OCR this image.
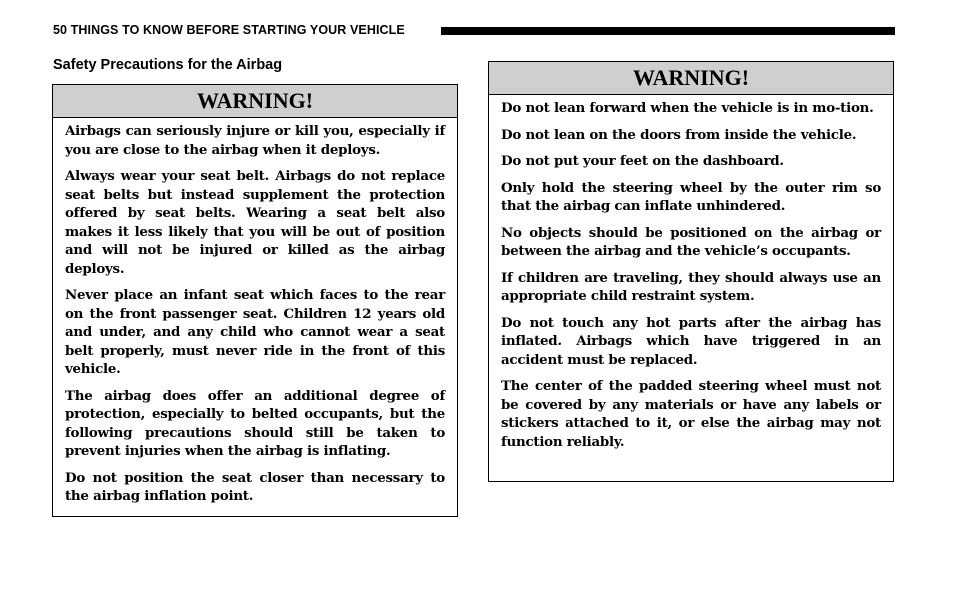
50 THINGS TO KNOW BEFORE STARTING YOUR VEHICLE
Safety Precautions for the Airbag
WARNING!

Airbags can seriously injure or kill you, especially if you are close to the airbag when it deploys.

Always wear your seat belt. Airbags do not replace seat belts but instead supplement the protection offered by seat belts. Wearing a seat belt also makes it less likely that you will be out of position and will not be injured or killed as the airbag deploys.

Never place an infant seat which faces to the rear on the front passenger seat. Children 12 years old and under, and any child who cannot wear a seat belt properly, must never ride in the front of this vehicle.

The airbag does offer an additional degree of protection, especially to belted occupants, but the following precautions should still be taken to prevent injuries when the airbag is inflating.

Do not position the seat closer than necessary to the airbag inflation point.

WARNING!

Do not lean forward when the vehicle is in mo-tion.

Do not lean on the doors from inside the vehicle.

Do not put your feet on the dashboard.

Only hold the steering wheel by the outer rim so that the airbag can inflate unhindered.

No objects should be positioned on the airbag or between the airbag and the vehicle’s occupants.

If children are traveling, they should always use an appropriate child restraint system.

Do not touch any hot parts after the airbag has inflated. Airbags which have triggered in an accident must be replaced.

The center of the padded steering wheel must not be covered by any materials or have any labels or stickers attached to it, or else the airbag may not function reliably.
